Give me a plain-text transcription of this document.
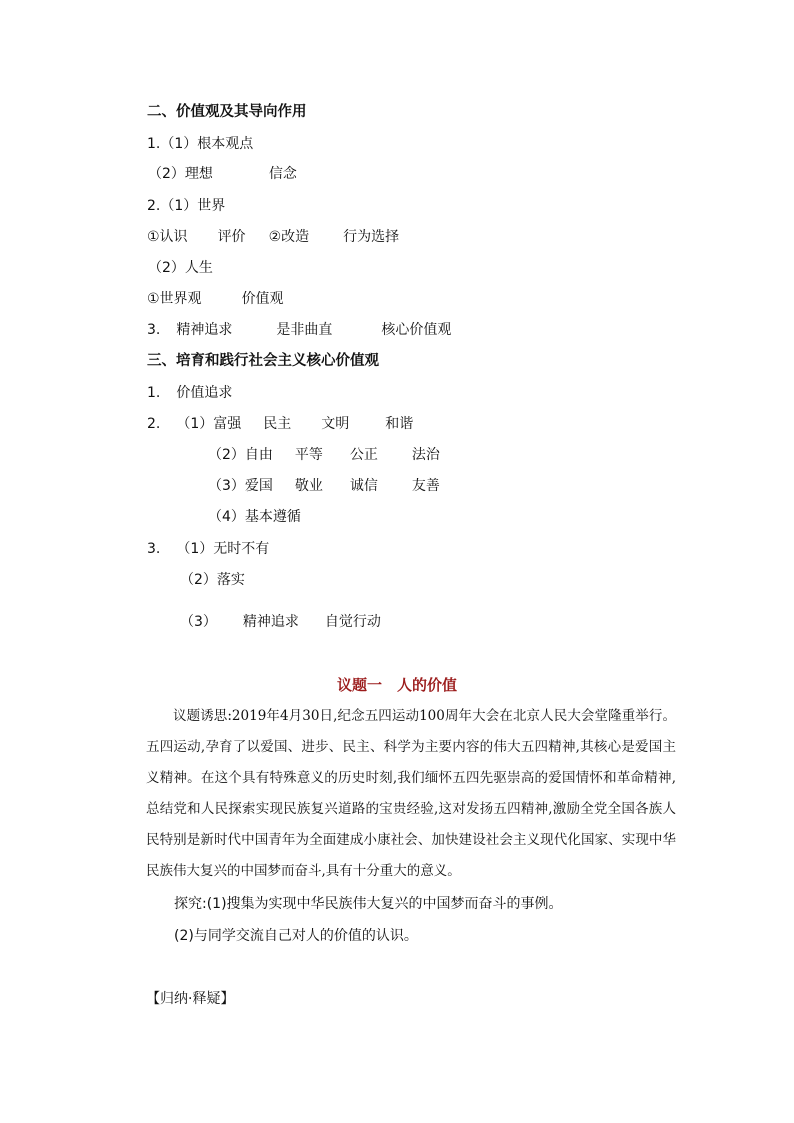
二、价值观及其导向作用
1.（1）根本观点
（2）理想	信念
2.（1）世界
①认识 评价 ②改造 行为选择
（2）人生
①世界观	价值观
3. 精神追求	是非曲直	核心价值观
三、培育和践行社会主义核心价值观
1. 价值追求
2. （1）富强 民主 文明	和谐
（2）自由 平等 公正 法治
（3）爱国 敬业 诚信 友善
（4）基本遵循
3. （1）无时不有
（2）落实
（3） 精神追求 自觉行动
议题一　人的价值
议题诱思:2019年4月30日,纪念五四运动100周年大会在北京人民大会堂隆重举行。五四运动,孕育了以爱国、进步、民主、科学为主要内容的伟大五四精神,其核心是爱国主义精神。在这个具有特殊意义的历史时刻,我们缅怀五四先驱崇高的爱国情怀和革命精神,总结党和人民探索实现民族复兴道路的宝贵经验,这对发扬五四精神,激励全党全国各族人民特别是新时代中国青年为全面建成小康社会、加快建设社会主义现代化国家、实现中华民族伟大复兴的中国梦而奋斗,具有十分重大的意义。
探究:(1)搜集为实现中华民族伟大复兴的中国梦而奋斗的事例。
(2)与同学交流自己对人的价值的认识。
【归纳·释疑】
